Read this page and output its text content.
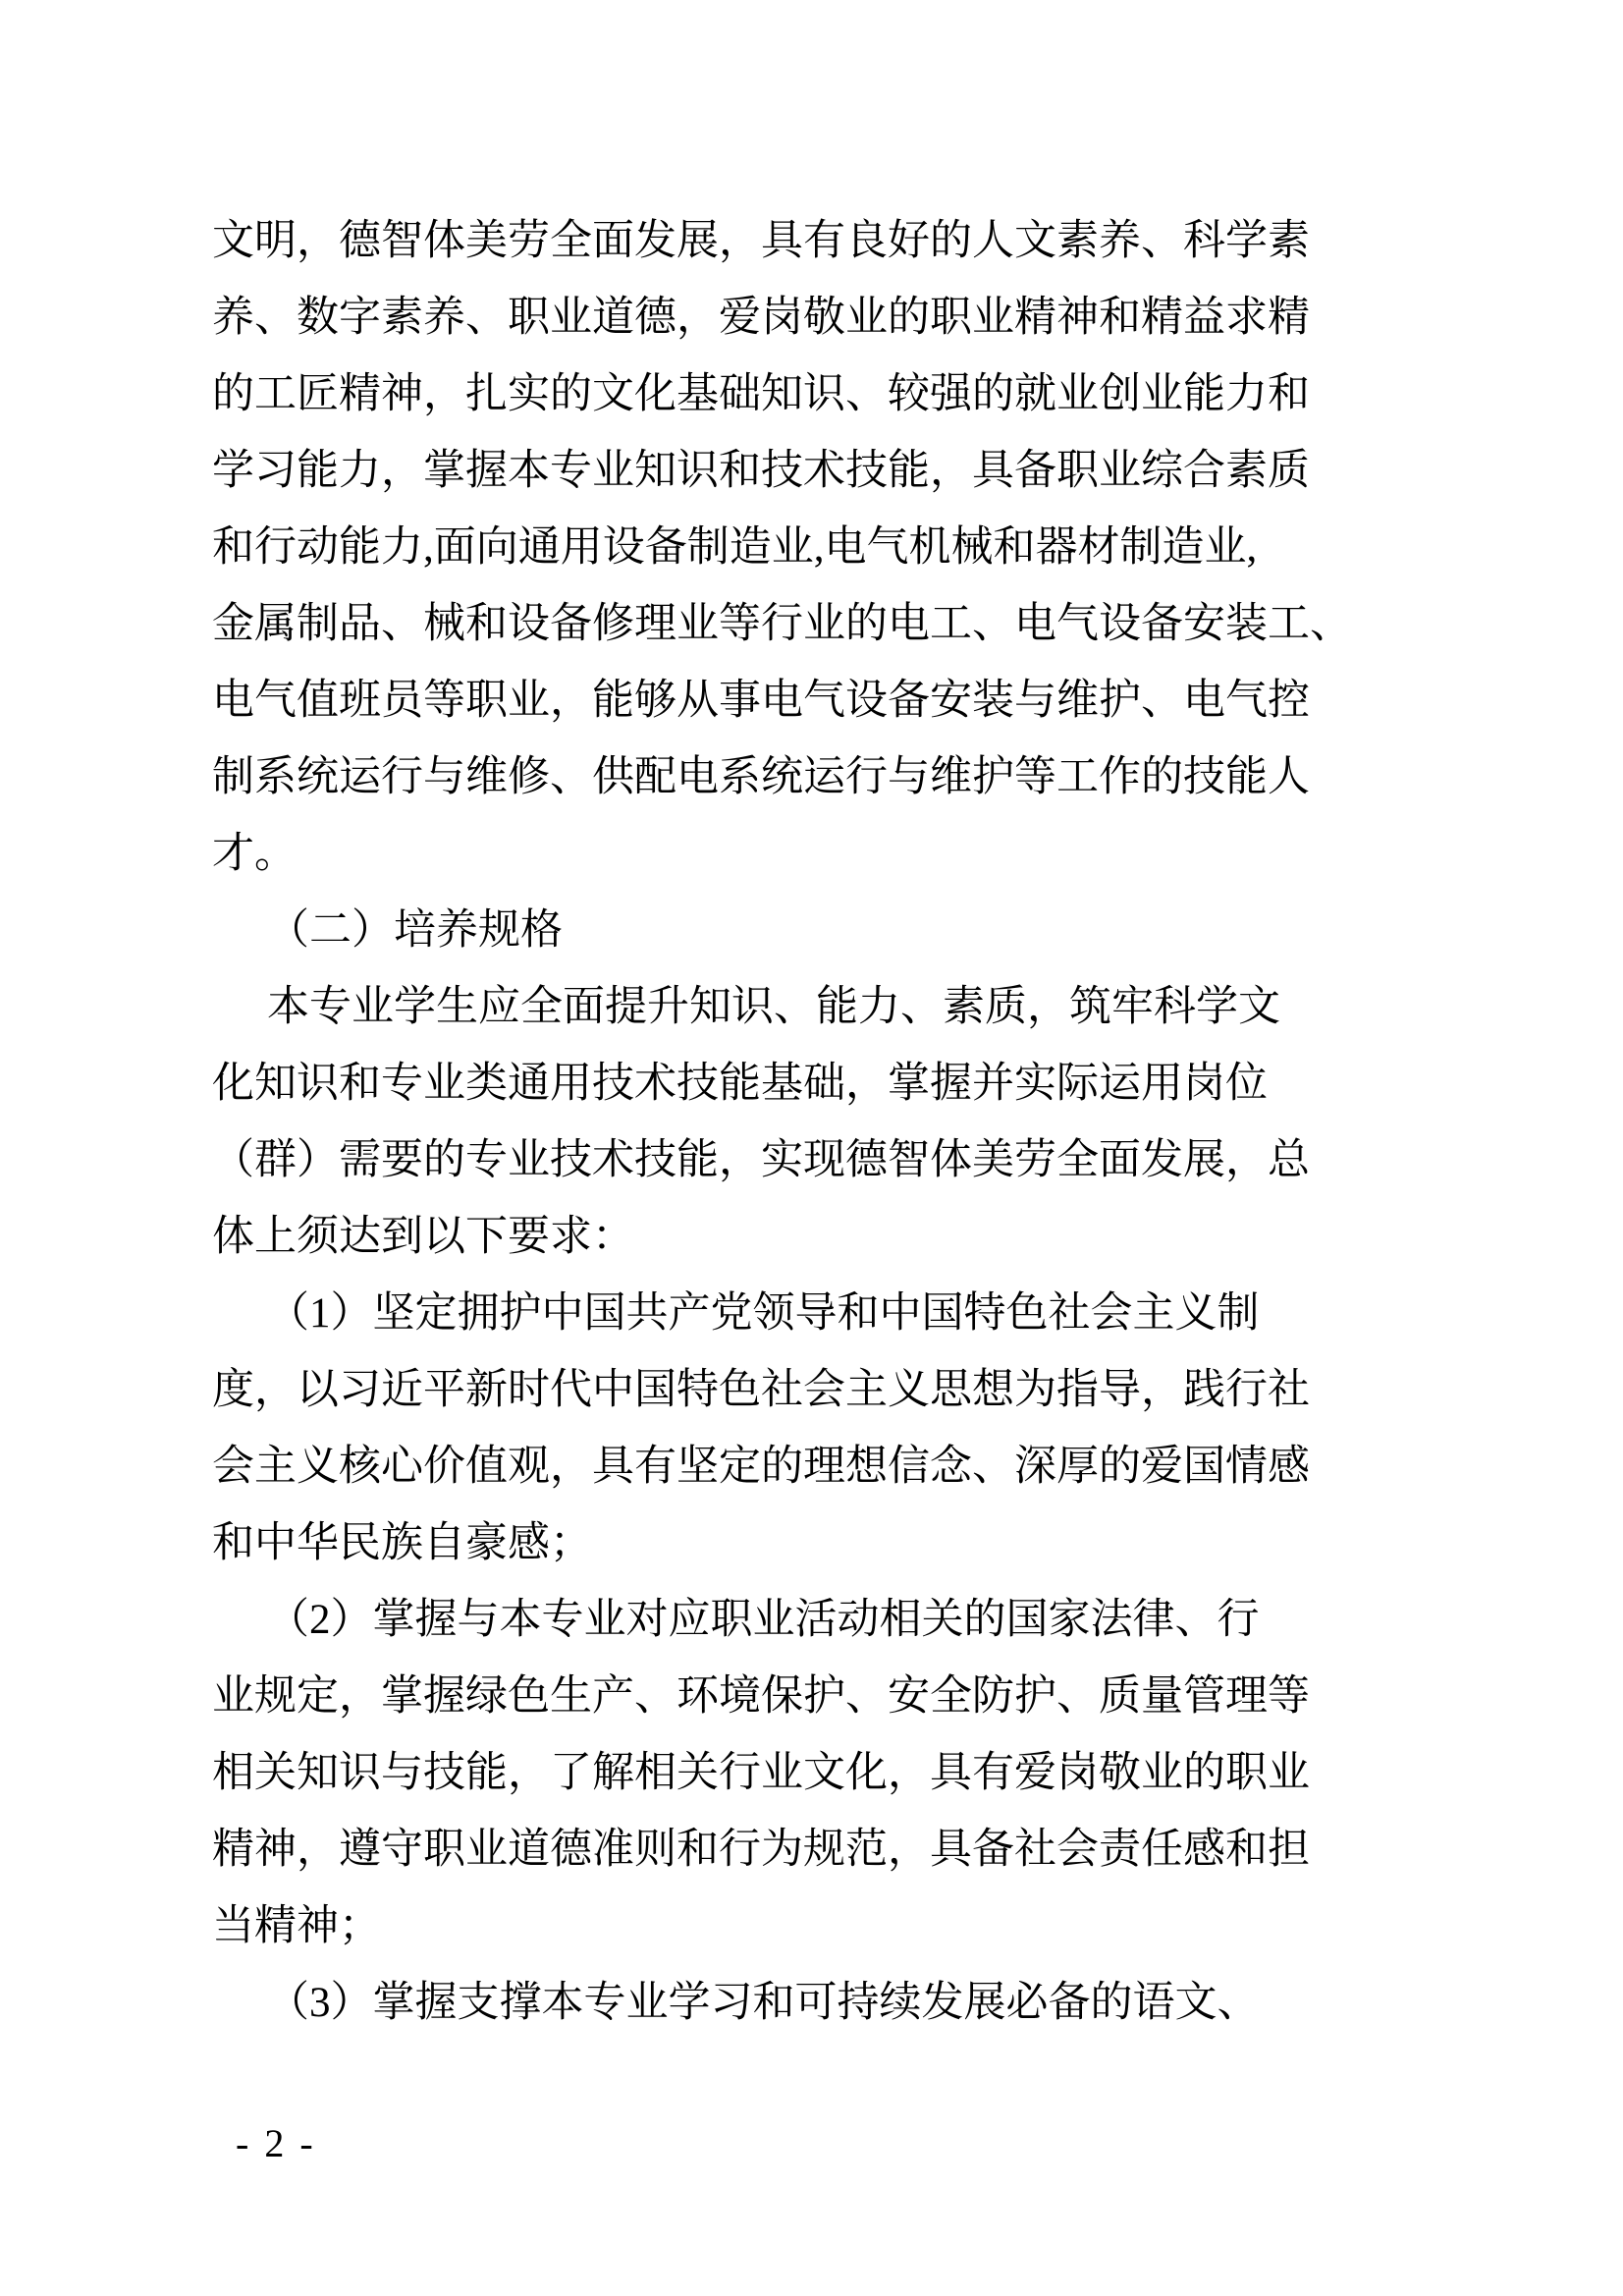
文明，德智体美劳全面发展，具有良好的人文素养、科学素
养、数字素养、职业道德，爱岗敬业的职业精神和精益求精
的工匠精神，扎实的文化基础知识、较强的就业创业能力和
学习能力，掌握本专业知识和技术技能，具备职业综合素质
和行动能力,面向通用设备制造业,电气机械和器材制造业,
金属制品、械和设备修理业等行业的电工、电气设备安装工、
电气值班员等职业，能够从事电气设备安装与维护、电气控
制系统运行与维修、供配电系统运行与维护等工作的技能人
才。
（二）培养规格
本专业学生应全面提升知识、能力、素质，筑牢科学文
化知识和专业类通用技术技能基础，掌握并实际运用岗位
（群）需要的专业技术技能，实现德智体美劳全面发展，总
体上须达到以下要求：
（1）坚定拥护中国共产党领导和中国特色社会主义制
度，以习近平新时代中国特色社会主义思想为指导，践行社
会主义核心价值观，具有坚定的理想信念、深厚的爱国情感
和中华民族自豪感；
（2）掌握与本专业对应职业活动相关的国家法律、行
业规定，掌握绿色生产、环境保护、安全防护、质量管理等
相关知识与技能，了解相关行业文化，具有爱岗敬业的职业
精神，遵守职业道德准则和行为规范，具备社会责任感和担
当精神；
（3）掌握支撑本专业学习和可持续发展必备的语文、
- 2 -
